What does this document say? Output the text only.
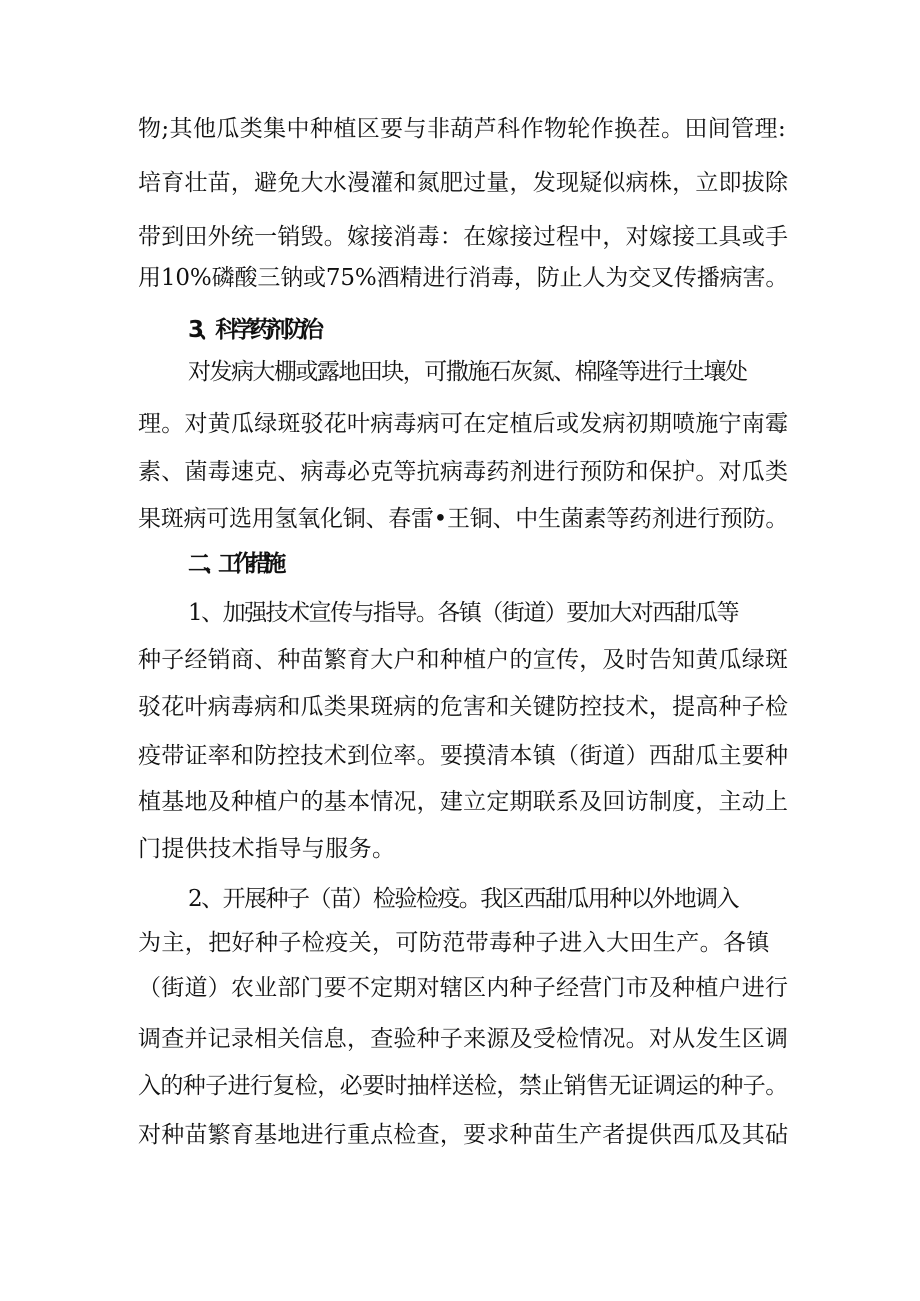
物;其他瓜类集中种植区要与非葫芦科作物轮作换茬。田间管理:
培育壮苗，避免大水漫灌和氮肥过量，发现疑似病株，立即拔除
带到田外统一销毁。嫁接消毒：在嫁接过程中，对嫁接工具或手
用10%磷酸三钠或75%酒精进行消毒，防止人为交叉传播病害。
3、科学药剂防治
对发病大棚或露地田块，可撒施石灰氮、棉隆等进行土壤处
理。对黄瓜绿斑驳花叶病毒病可在定植后或发病初期喷施宁南霉
素、菌毒速克、病毒必克等抗病毒药剂进行预防和保护。对瓜类
果斑病可选用氢氧化铜、春雷•王铜、中生菌素等药剂进行预防。
二、工作措施
1、加强技术宣传与指导。各镇（街道）要加大对西甜瓜等
种子经销商、种苗繁育大户和种植户的宣传，及时告知黄瓜绿斑
驳花叶病毒病和瓜类果斑病的危害和关键防控技术，提高种子检
疫带证率和防控技术到位率。要摸清本镇（街道）西甜瓜主要种
植基地及种植户的基本情况，建立定期联系及回访制度，主动上
门提供技术指导与服务。
2、开展种子（苗）检验检疫。我区西甜瓜用种以外地调入
为主，把好种子检疫关，可防范带毒种子进入大田生产。各镇
（街道）农业部门要不定期对辖区内种子经营门市及种植户进行
调查并记录相关信息，查验种子来源及受检情况。对从发生区调
入的种子进行复检，必要时抽样送检，禁止销售无证调运的种子。
对种苗繁育基地进行重点检查，要求种苗生产者提供西瓜及其砧
